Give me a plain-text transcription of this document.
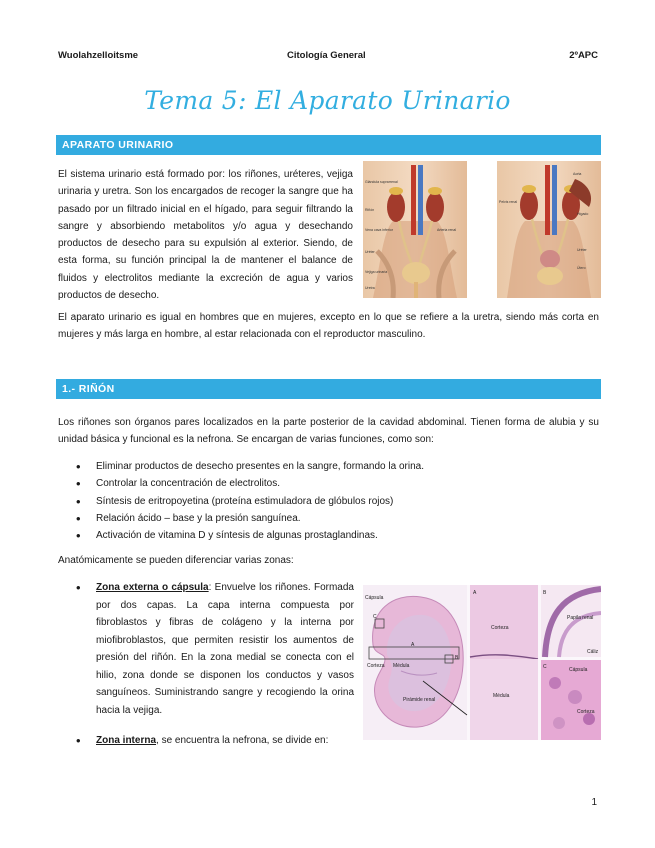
Wuolahzelloitsme	Citología General	2ºAPC
Tema 5: El Aparato Urinario
APARATO URINARIO
El sistema urinario está formado por: los riñones, uréteres, vejiga urinaria y uretra. Son los encargados de recoger la sangre que ha pasado por un filtrado inicial en el hígado, para seguir filtrando la sangre y absorbiendo metabolitos y/o agua y desechando productos de desecho para su expulsión al exterior. Siendo, de esta forma, su función principal la de mantener el balance de fluidos y electrolitos mediante la excreción de agua y varios productos de desecho.
Glándula suprarrenal
Riñón
Vena cava inferior	Arteria renal
Uréter
Vejiga urinaria
Uretra
Aorta
Pelvis renal
Hígado
Uréter
Útero
El aparato urinario es igual en hombres que en mujeres, excepto en lo que se refiere a la uretra, siendo más corta en mujeres y más larga en hombre, al estar relacionada con el reproductor masculino.
1.- RIÑÓN
Los riñones son órganos pares localizados en la parte posterior de la cavidad abdominal. Tienen forma de alubia y su unidad básica y funcional es la nefrona. Se encargan de varias funciones, como son:
• Eliminar productos de desecho presentes en la sangre, formando la orina.
• Controlar la concentración de electrolitos.
• Síntesis de eritropoyetina (proteína estimuladora de glóbulos rojos)
• Relación ácido – base y la presión sanguínea.
• Activación de vitamina D y síntesis de algunas prostaglandinas.
Anatómicamente se pueden diferenciar varias zonas:
• Zona externa o cápsula: Envuelve los riñones. Formada por dos capas. La capa interna compuesta por fibroblastos y fibras de colágeno y la interna por miofibroblastos, que permiten resistir los aumentos de presión del riñón. En la zona medial se conecta con el hilio, zona donde se disponen los conductos y vasos sanguíneos. Suministrando sangre y recogiendo la orina hacia la vejiga.
• Zona interna, se encuentra la nefrona, se divide en:
Cápsula
C
A
Corteza Médula
Pirámide renal
B
A
Corteza
Médula
B
Papila renal
Cáliz
C	Cápsula
Corteza
1
